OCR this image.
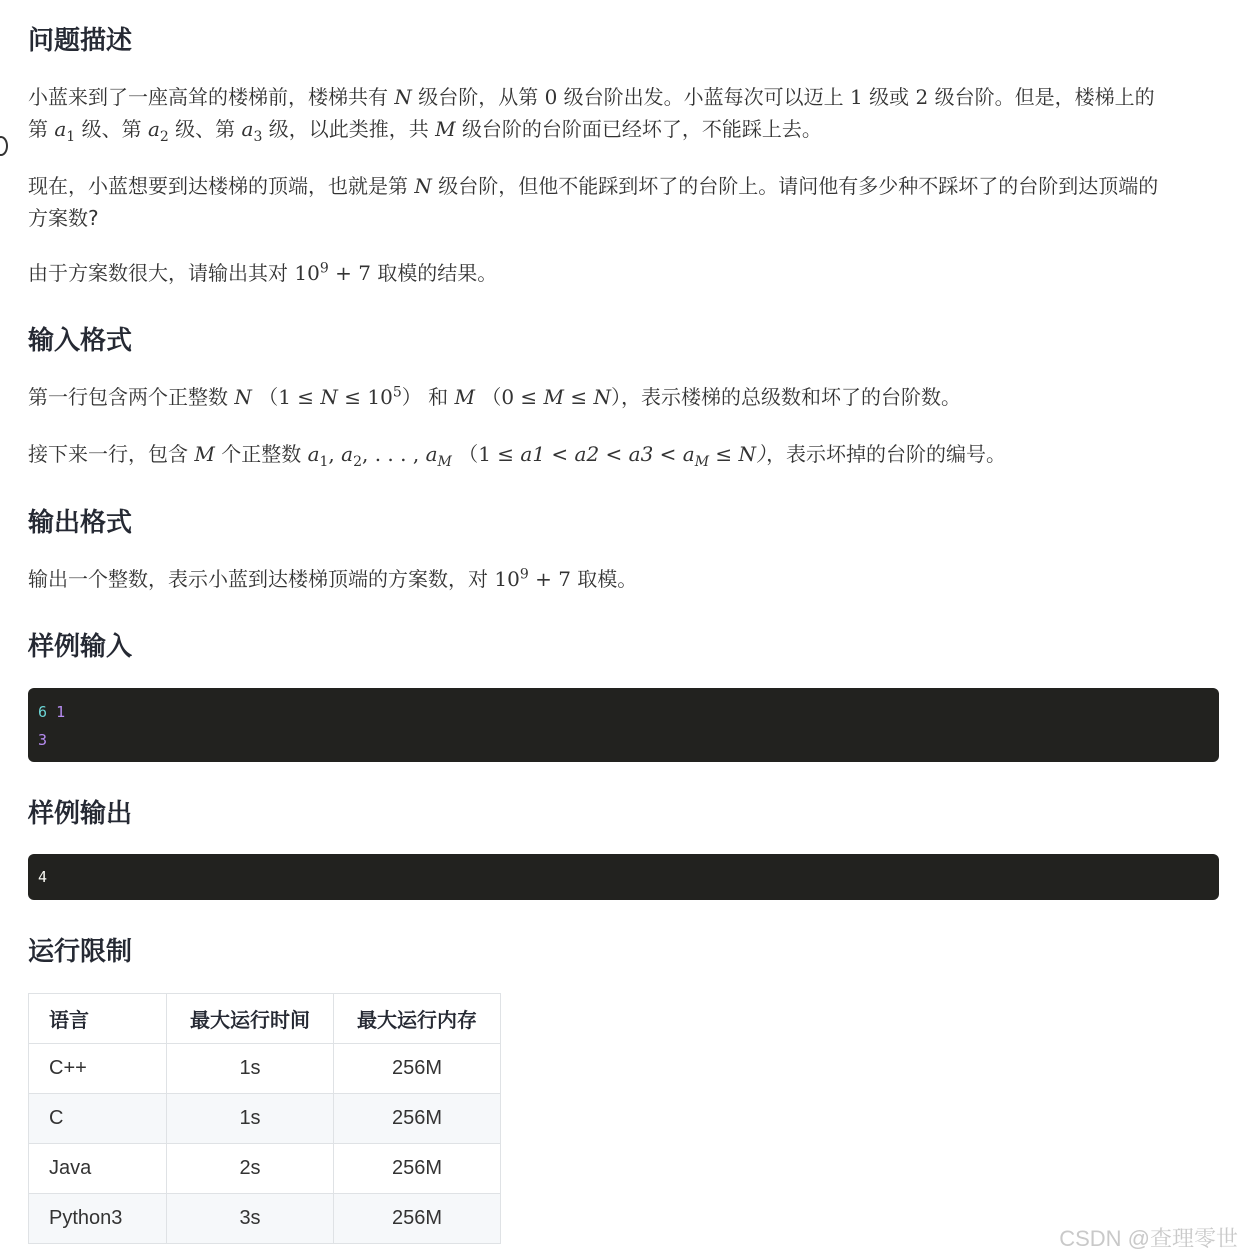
问题描述

小蓝来到了一座高耸的楼梯前，楼梯共有 N 级台阶，从第 0 级台阶出发。小蓝每次可以迈上 1 级或 2 级台阶。但是，楼梯上的
第 $a_1$ 级、第 $a_2$ 级、第 $a_3$ 级，以此类推，共 M 级台阶的台阶面已经坏了，不能踩上去。

现在，小蓝想要到达楼梯的顶端，也就是第 N 级台阶，但他不能踩到坏了的台阶上。请问他有多少种不踩坏了的台阶到达顶端的
方案数?

由于方案数很大，请输出其对 $10^9 + 7$ 取模的结果。

输入格式

第一行包含两个正整数 N $(1 \le N \le 10^5)$ 和 M （0 ≤ M ≤ N），表示楼梯的总级数和坏了的台阶数。

接下来一行，包含 M 个正整数 $a_1$, $a_2$, . . . , $a_M$ $(1 \le a1 < a2 < a3 < a_M \le N)$，表示坏掉的台阶的编号。

输出格式

输出一个整数，表示小蓝到达楼梯顶端的方案数，对 $10^9 + 7$ 取模。

样例输入
6 1
3
样例输出
4
运行限制
语言	最大运行时间	最大运行内存
C++	1s	256M
C	1s	256M
Java	2s	256M
Python3	3s	256M
CSDN @查理零世
